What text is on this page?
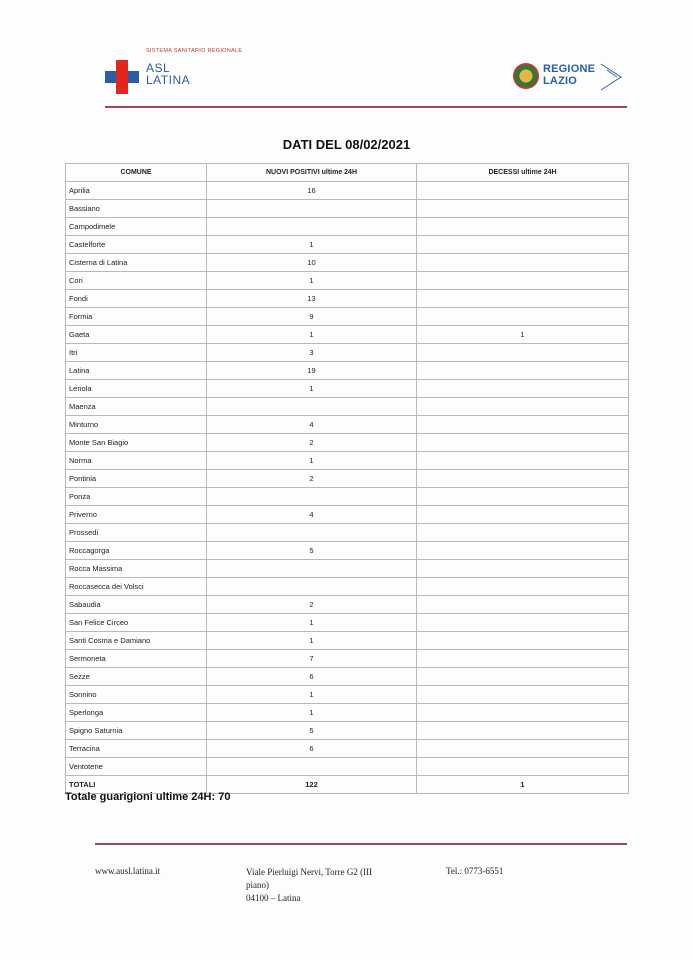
SISTEMA SANITARIO REGIONALE
ASL
LATINA
REGIONE
LAZIO
DATI DEL 08/02/2021
COMUNE	NUOVI POSITIVI ultime 24H	DECESSI ultime 24H
Aprilia	16	
Bassiano		
Campodimele		
Castelforte	1	
Cisterna di Latina	10	
Cori	1	
Fondi	13	
Formia	9	
Gaeta	1	1
Itri	3	
Latina	19	
Lenola	1	
Maenza		
Minturno	4	
Monte San Biagio	2	
Norma	1	
Pontinia	2	
Ponza		
Priverno	4	
Prossedi		
Roccagorga	5	
Rocca Massima		
Roccasecca dei Volsci		
Sabaudia	2	
San Felice Circeo	1	
Santi Cosma e Damiano	1	
Sermoneta	7	
Sezze	6	
Sonnino	1	
Sperlonga	1	
Spigno Saturnia	5	
Terracina	6	
Ventotene		
TOTALI	122	1
Totale guarigioni ultime 24H: 70
www.ausl.latina.it	Viale Pierluigi Nervi, Torre G2 (III
piano)
04100 – Latina
Tel.: 0773-6551
